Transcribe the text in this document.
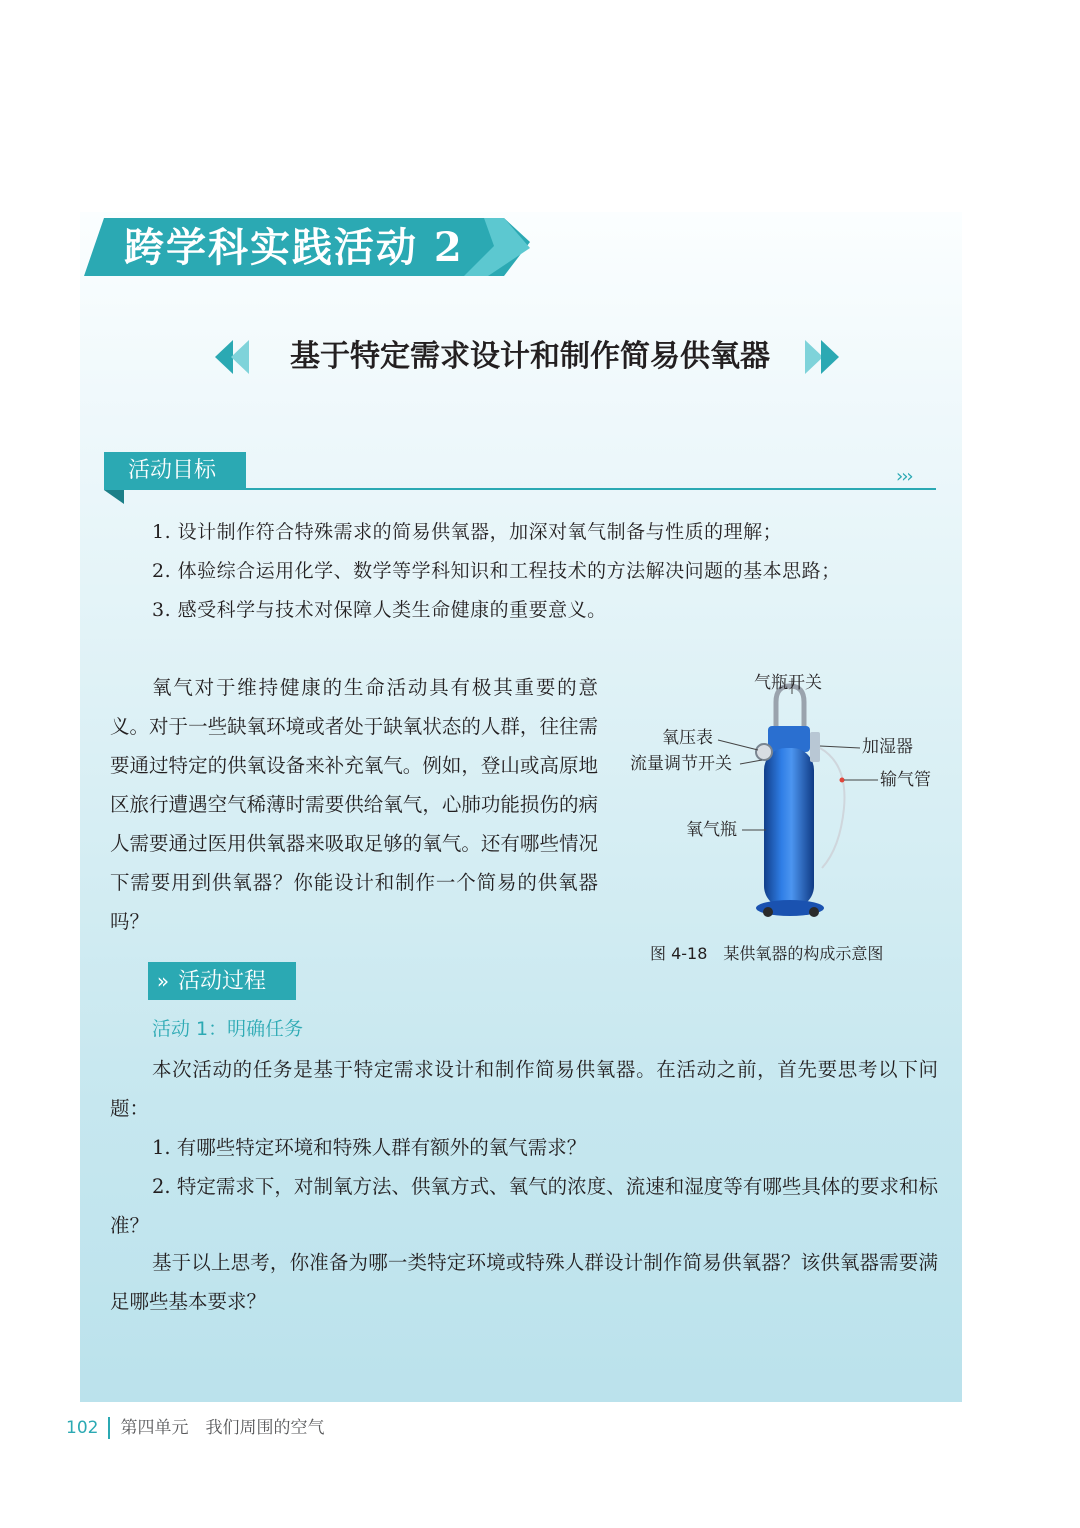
跨学科实践活动 2
基于特定需求设计和制作简易供氧器
活动目标	›››
1. 设计制作符合特殊需求的简易供氧器，加深对氧气制备与性质的理解；
2. 体验综合运用化学、数学等学科知识和工程技术的方法解决问题的基本思路；
3. 感受科学与技术对保障人类生命健康的重要意义。
氧气对于维持健康的生命活动具有极其重要的意义。对于一些缺氧环境或者处于缺氧状态的人群，往往需要通过特定的供氧设备来补充氧气。例如，登山或高原地区旅行遭遇空气稀薄时需要供给氧气，心肺功能损伤的病人需要通过医用供氧器来吸取足够的氧气。还有哪些情况下需要用到供氧器？你能设计和制作一个简易的供氧器吗？
气瓶开关
氧压表	加湿器
流量调节开关
输气管
氧气瓶
图 4-18　某供氧器的构成示意图
» 活动过程
活动 1：明确任务
本次活动的任务是基于特定需求设计和制作简易供氧器。在活动之前，首先要思考以下问题：
1. 有哪些特定环境和特殊人群有额外的氧气需求？
2. 特定需求下，对制氧方法、供氧方式、氧气的浓度、流速和湿度等有哪些具体的要求和标准？
基于以上思考，你准备为哪一类特定环境或特殊人群设计制作简易供氧器？该供氧器需要满足哪些基本要求？
102 第四单元　我们周围的空气
